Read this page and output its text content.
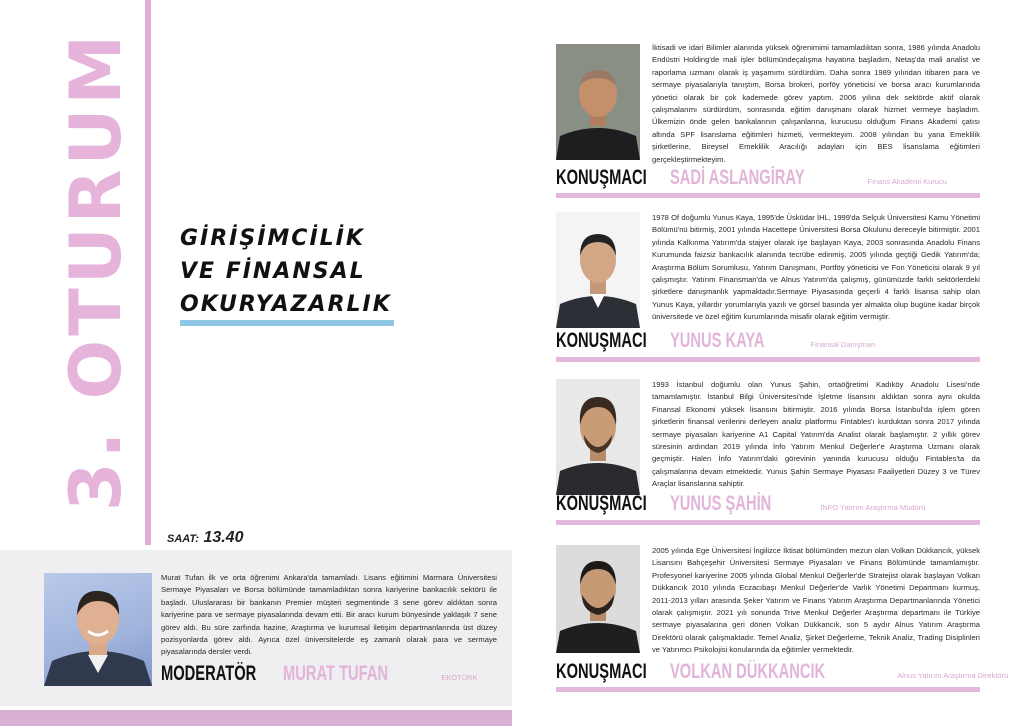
3. OTURUM GİRİŞİMCİLİK
VE FİNANSAL
OKURYAZARLIK
SAAT: 13.40
Murat Tufan ilk ve orta öğrenimi Ankara'da tamamladı. Lisans eğitimini Marmara Üniversitesi Sermaye Piyasaları ve Borsa bölümünde tamamladıktan sonra kariyerine bankacılık sektörü ile başladı. Uluslararası bir bankanın Premier müşteri segmentinde 3 sene görev aldıktan sonra kariyerine para ve sermaye piyasalarında devam etti. Bir aracı kurum bünyesinde yaklaşık 7 sene görev aldı. Bu süre zarfında hazine, Araştırma ve kurumsal iletişim departmanlarında üst düzey pozisyonlarda görev aldı. Ayrıca özel üniversitelerde eş zamanlı olarak para ve sermaye piyasalarında dersler verdi.
MODERATÖR MURAT TUFAN	EKOTÜRK
İktisadi ve idari Bilimler alanında yüksek öğrenimimi tamamladıktan sonra, 1986 yılında Anadolu Endüstri Holding'de mali işler bölümündeçalışma hayatına başladım, Netaş'da mali analist ve raporlama uzmanı olarak iş yaşamımı sürdürdüm. Daha sonra 1989 yılından itibaren para ve sermaye piyasalarıyla tanıştım, Borsa brokeri, porföy yöneticisi ve borsa aracı kurumlarında yönetici olarak bir çok kademede görev yaptım. 2006 yılına dek sektörde aktif olarak çalışmalarımı sürdürdüm, sonrasında eğitim danışmanı olarak hizmet vermeye başladım. Ülkemizin önde gelen bankalarının çalışanlarına, kurucusu olduğum Finans Akademi çatısı altında SPF lisanslama eğitimleri hizmeti, vermekteyim. 2008 yılından bu yana Emeklilik şirketlerine, Bireysel Emeklilik Aracılığı adayları için BES lisanslama eğitimleri gerçekleştirmekteyim.
KONUŞMACI SADİ ASLANGİRAY	Finans Akademi Kurucu
1978 Of doğumlu Yunus Kaya, 1995'de Üsküdar İHL, 1999'da Selçuk Üniversitesi Kamu Yönetimi Bölümü'nü bitirmiş, 2001 yılında Hacettepe Üniversitesi Borsa Okulunu dereceyle bitirmiştir. 2001 yılında Kalkınma Yatırım'da stajyer olarak işe başlayan Kaya, 2003 sonrasında Anadolu Finans Kurumunda faizsiz bankacılık alanında tecrübe edinmiş, 2005 yılında geçtiği Gedik Yatırım'da; Araştırma Bölüm Sorumlusu, Yatırım Danışmanı, Portföy yöneticisi ve Fon Yöneticisi olarak 9 yıl çalışmıştır. Yatırım Finansman'da ve Alnus Yatırım'da çalışmış, günümüzde farklı sektörlerdeki şirketlere danışmanlık yapmaktadır.Sermaye Piyasasında geçerli 4 farklı lisansa sahip olan Yunus Kaya, yıllardır yorumlarıyla yazılı ve görsel basında yer almakta olup bugüne kadar birçok üniversitede ve özel eğitim kurumlarında misafir olarak eğitim vermiştir.
KONUŞMACI YUNUS KAYA	Finansal Danışman
1993 İstanbul doğumlu olan Yunus Şahin, ortaöğretimi Kadıköy Anadolu Lisesi'nde tamamlamıştır. İstanbul Bilgi Üniversitesi'nde İşletme lisansını aldıktan sonra aynı okulda Finansal Ekonomi yüksek lisansını bitirmiştir. 2016 yılında Borsa İstanbul'da işlem gören şirketlerin finansal verilerini derleyen analiz platformu Fintables'ı kurduktan sonra 2017 yılında sermaye piyasaları kariyerine A1 Capital Yatırım'da Analist olarak başlamıştır. 2 yıllık görev süresinin ardından 2019 yılında İnfo Yatırım Menkul Değerler'e Araştırma Uzmanı olarak geçmiştir. Halen İnfo Yatırım'daki görevinin yanında kurucusu olduğu Fintables'ta da çalışmalarına devam etmektedir. Yunus Şahin Sermaye Piyasası Faaliyetleri Düzey 3 ve Türev Araçlar lisanslarına sahiptir.
KONUŞMACI YUNUS ŞAHİN	İNFO Yatırım Araştırma Müdürü
2005 yılında Ege Üniversitesi İngilizce İktisat bölümünden mezun olan Volkan Dükkancık, yüksek Lisansını Bahçeşehir Üniversitesi Sermaye Piyasaları ve Finans Bölümünde tamamlamıştır. Profesyonel kariyerine 2005 yılında Global Menkul Değerler'de Stratejist olarak başlayan Volkan Dükkancık 2010 yılında Eczacıbaşı Menkul Değerler'de Varlık Yönetimi Departmanı kurmuş, 2011-2013 yılları arasında Şeker Yatırım ve Finans Yatırım Araştırma Departmanlarında Yönetici olarak çalışmıştır. 2021 yılı sonunda Trive Menkul Değerler Araştırma departmanı ile Türkiye sermaye piyasalarına geri dönen Volkan Dükkancık, son 5 aydır Alnus Yatırım Araştırma Direktörü olarak çalışmaktadır. Temel Analiz, Şirket Değerleme, Teknik Analiz, Trading Disiplinleri ve Yatırımcı Psikolojisi konularında da eğitimler vermektedir.
KONUŞMACI VOLKAN DÜKKANCIK	Alnus Yatırım Araştırma Direktörü
